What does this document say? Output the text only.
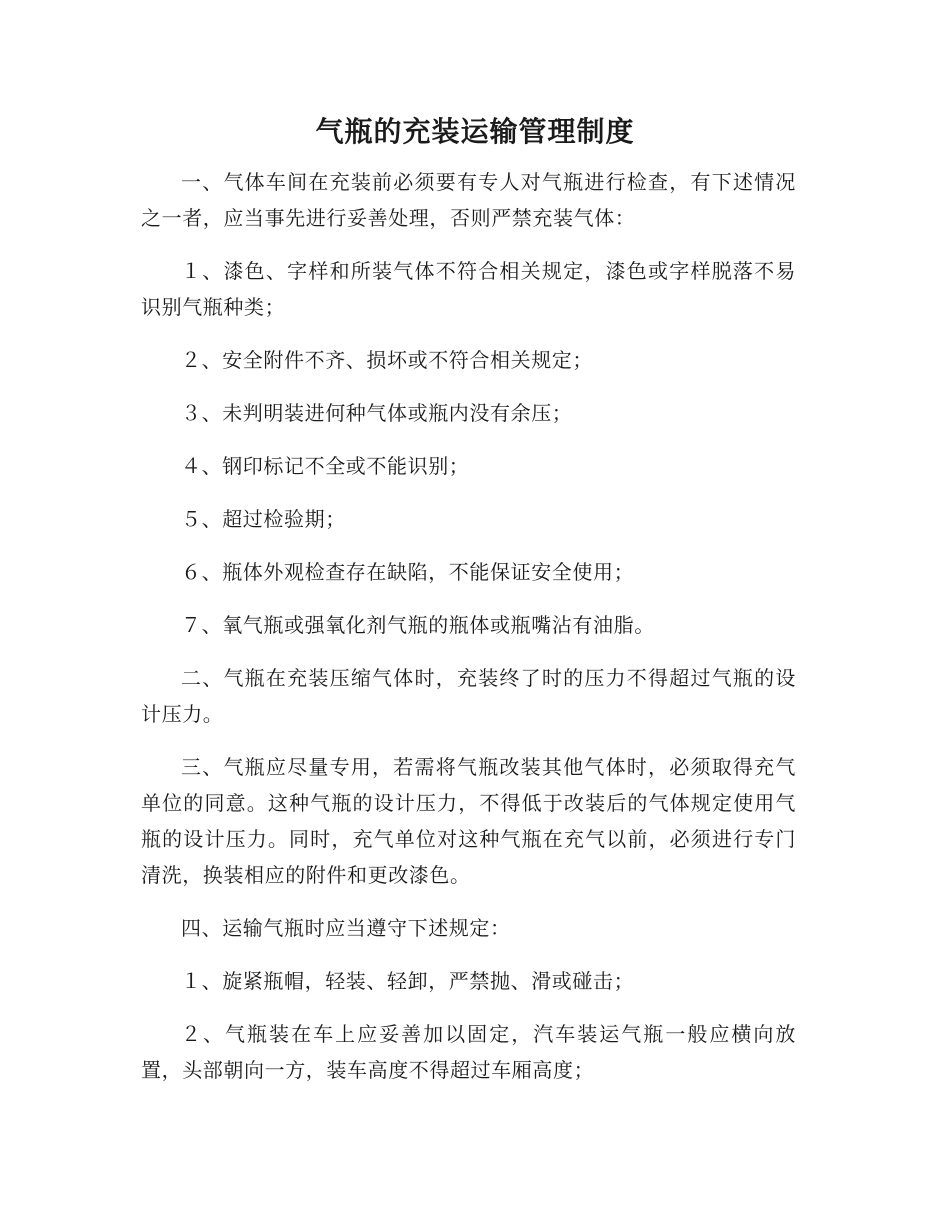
气瓶的充装运输管理制度

一、气体车间在充装前必须要有专人对气瓶进行检查，有下述情况之一者，应当事先进行妥善处理，否则严禁充装气体：

１、漆色、字样和所装气体不符合相关规定，漆色或字样脱落不易识别气瓶种类；

２、安全附件不齐、损坏或不符合相关规定；

３、未判明装进何种气体或瓶内没有余压；

４、钢印标记不全或不能识别；

５、超过检验期；

６、瓶体外观检查存在缺陷，不能保证安全使用；

７、氧气瓶或强氧化剂气瓶的瓶体或瓶嘴沾有油脂。

二、气瓶在充装压缩气体时，充装终了时的压力不得超过气瓶的设计压力。

三、气瓶应尽量专用，若需将气瓶改装其他气体时，必须取得充气单位的同意。这种气瓶的设计压力，不得低于改装后的气体规定使用气瓶的设计压力。同时，充气单位对这种气瓶在充气以前，必须进行专门清洗，换装相应的附件和更改漆色。

四、运输气瓶时应当遵守下述规定：

１、旋紧瓶帽，轻装、轻卸，严禁抛、滑或碰击；

２、气瓶装在车上应妥善加以固定，汽车装运气瓶一般应横向放置，头部朝向一方，装车高度不得超过车厢高度；
